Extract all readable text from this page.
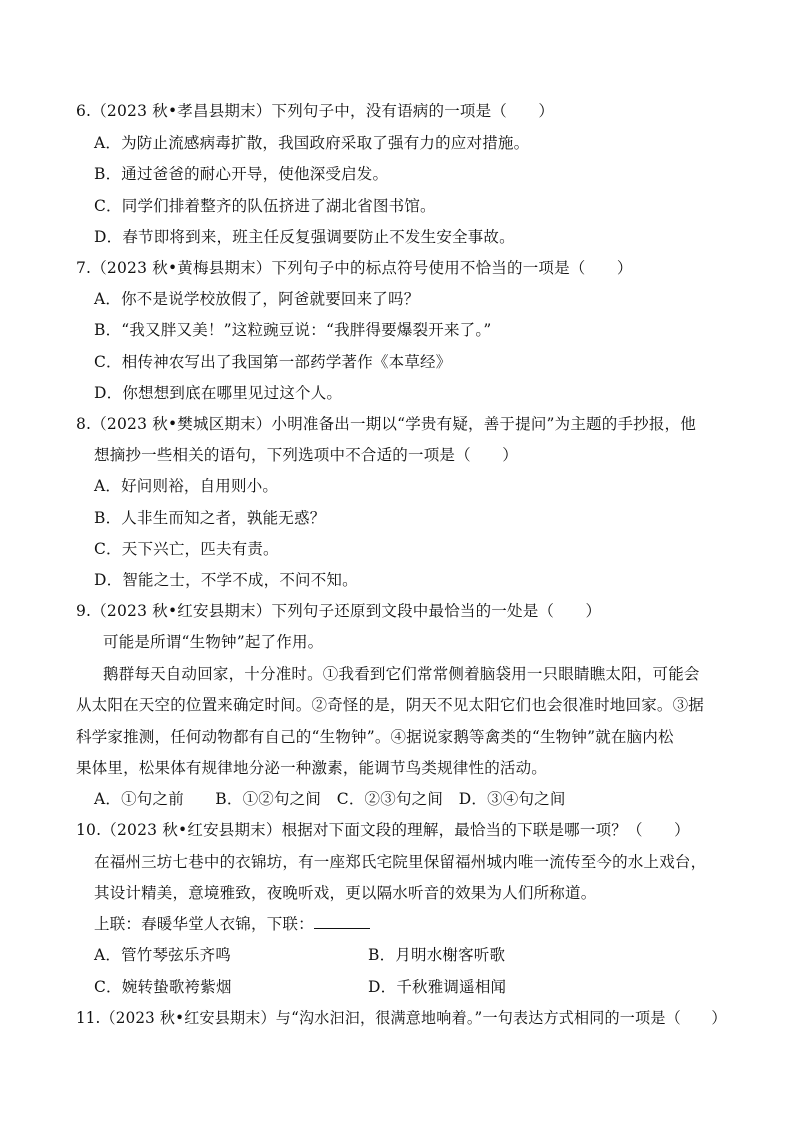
6.（2023 秋•孝昌县期末）下列句子中，没有语病的一项是（　　）
A．为防止流感病毒扩散，我国政府采取了强有力的应对措施。
B．通过爸爸的耐心开导，使他深受启发。
C．同学们排着整齐的队伍挤进了湖北省图书馆。
D．春节即将到来，班主任反复强调要防止不发生安全事故。
7.（2023 秋•黄梅县期末）下列句子中的标点符号使用不恰当的一项是（　　）
A．你不是说学校放假了，阿爸就要回来了吗？
B．“我又胖又美！”这粒豌豆说：“我胖得要爆裂开来了。”
C．相传神农写出了我国第一部药学著作《本草经》
D．你想想到底在哪里见过这个人。
8.（2023 秋•樊城区期末）小明准备出一期以“学贵有疑，善于提问”为主题的手抄报，他
想摘抄一些相关的语句，下列选项中不合适的一项是（　　）
A．好问则裕，自用则小。
B．人非生而知之者，孰能无惑？
C．天下兴亡，匹夫有责。
D．智能之士，不学不成，不问不知。
9.（2023 秋•红安县期末）下列句子还原到文段中最恰当的一处是（　　）
可能是所谓“生物钟”起了作用。
鹅群每天自动回家，十分准时。①我看到它们常常侧着脑袋用一只眼睛瞧太阳，可能会
从太阳在天空的位置来确定时间。②奇怪的是，阴天不见太阳它们也会很准时地回家。③据
科学家推测，任何动物都有自己的“生物钟”。④据说家鹅等禽类的“生物钟”就在脑内松
果体里，松果体有规律地分泌一种激素，能调节鸟类规律性的活动。
A．①句之前　　B．①②句之间　C．②③句之间　D．③④句之间
10.（2023 秋•红安县期末）根据对下面文段的理解，最恰当的下联是哪一项？（　　）
在福州三坊七巷中的衣锦坊，有一座郑氏宅院里保留福州城内唯一流传至今的水上戏台，
其设计精美，意境雅致，夜晚听戏，更以隔水听音的效果为人们所称道。
上联：春暖华堂人衣锦，下联：
A．管竹琴弦乐齐鸣	B．月明水榭客听歌
C．婉转蛰歌袴紫烟	D．千秋雅调遥相闻
11.（2023 秋•红安县期末）与“沟水汩汩，很满意地响着。”一句表达方式相同的一项是（　　）
